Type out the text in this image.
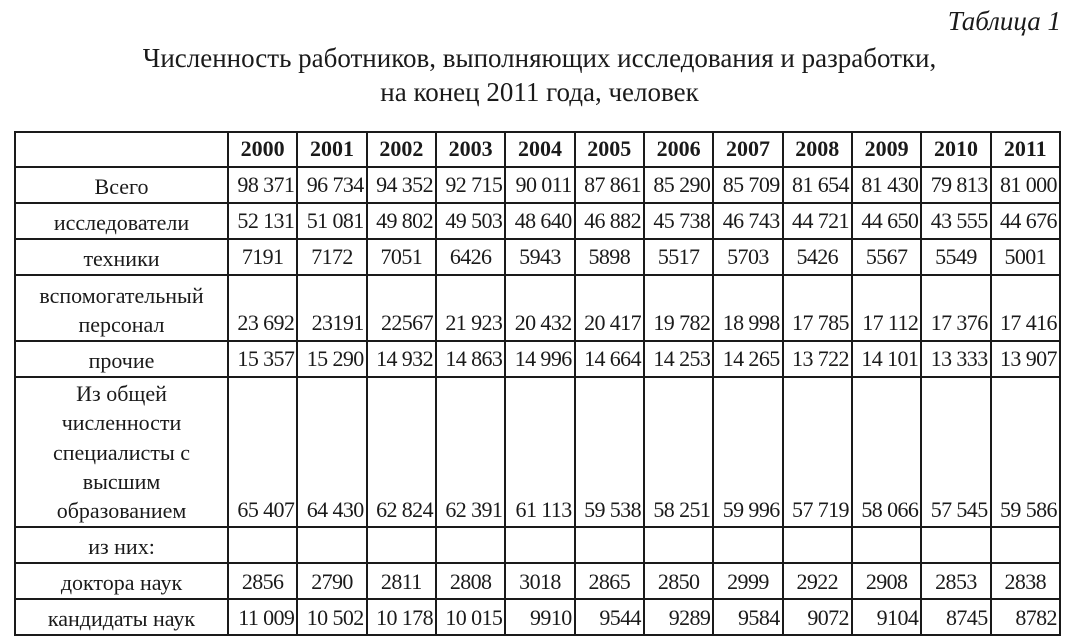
Таблица 1
Численность работников, выполняющих исследования и разработки,
на конец 2011 года, человек
	2000	2001	2002	2003	2004	2005	2006	2007	2008	2009	2010	2011
Всего	98 371	96 734	94 352	92 715	90 011	87 861	85 290	85 709	81 654	81 430	79 813	81 000
исследователи	52 131	51 081	49 802	49 503	48 640	46 882	45 738	46 743	44 721	44 650	43 555	44 676
техники	7191	7172	7051	6426	5943	5898	5517	5703	5426	5567	5549	5001
вспомогательный персонал	23 692	23191	22567	21 923	20 432	20 417	19 782	18 998	17 785	17 112	17 376	17 416
прочие	15 357	15 290	14 932	14 863	14 996	14 664	14 253	14 265	13 722	14 101	13 333	13 907
Из общей численности специалисты с высшим образованием	65 407	64 430	62 824	62 391	61 113	59 538	58 251	59 996	57 719	58 066	57 545	59 586
из них:												
доктора наук	2856	2790	2811	2808	3018	2865	2850	2999	2922	2908	2853	2838
кандидаты наук	11 009	10 502	10 178	10 015	9910	9544	9289	9584	9072	9104	8745	8782
